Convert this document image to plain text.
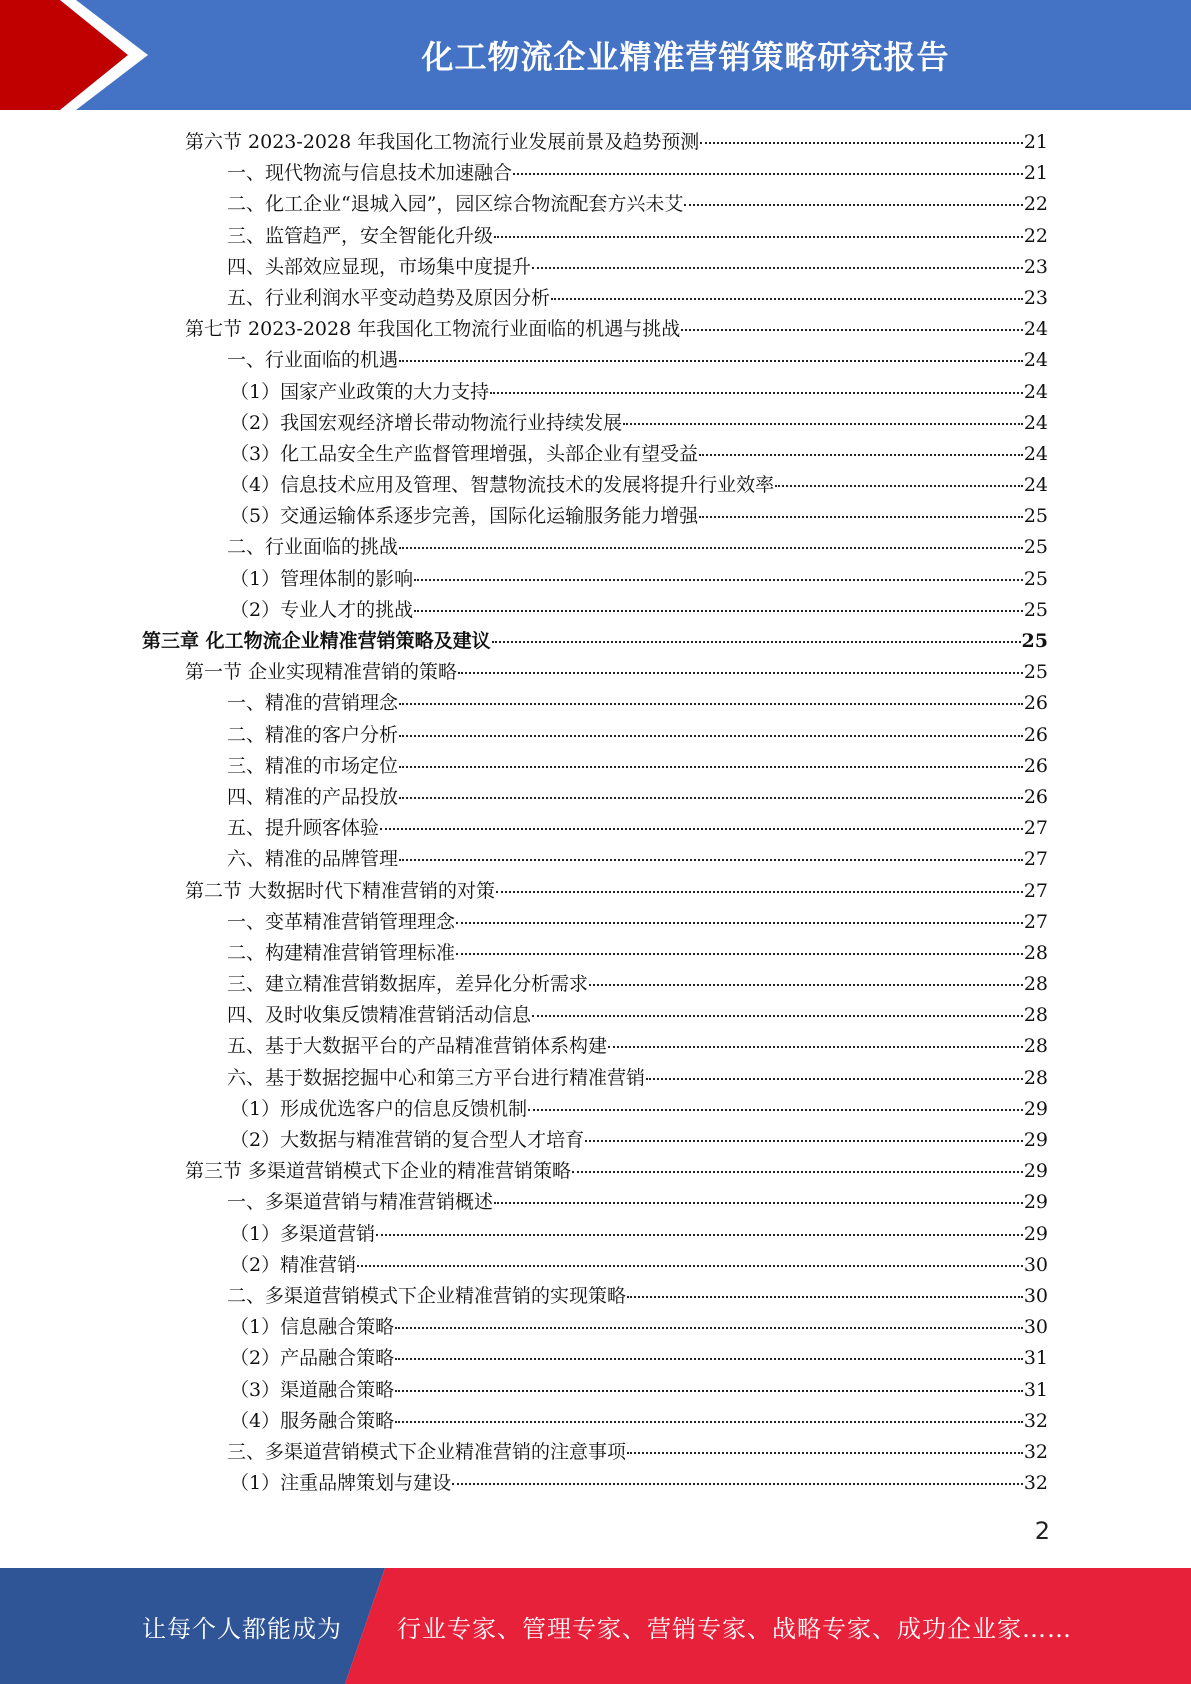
化工物流企业精准营销策略研究报告
第六节 2023-2028 年我国化工物流行业发展前景及趋势预测	21
一、现代物流与信息技术加速融合	21
二、化工企业“退城入园”，园区综合物流配套方兴未艾	22
三、监管趋严，安全智能化升级	22
四、头部效应显现，市场集中度提升	23
五、行业利润水平变动趋势及原因分析	23
第七节 2023-2028 年我国化工物流行业面临的机遇与挑战	24
一、行业面临的机遇	24
（1）国家产业政策的大力支持	24
（2）我国宏观经济增长带动物流行业持续发展	24
（3）化工品安全生产监督管理增强，头部企业有望受益	24
（4）信息技术应用及管理、智慧物流技术的发展将提升行业效率	24
（5）交通运输体系逐步完善，国际化运输服务能力增强	25
二、行业面临的挑战	25
（1）管理体制的影响	25
（2）专业人才的挑战	25
第三章 化工物流企业精准营销策略及建议	25
第一节 企业实现精准营销的策略	25
一、精准的营销理念	26
二、精准的客户分析	26
三、精准的市场定位	26
四、精准的产品投放	26
五、提升顾客体验	27
六、精准的品牌管理	27
第二节 大数据时代下精准营销的对策	27
一、变革精准营销管理理念	27
二、构建精准营销管理标准	28
三、建立精准营销数据库，差异化分析需求	28
四、及时收集反馈精准营销活动信息	28
五、基于大数据平台的产品精准营销体系构建	28
六、基于数据挖掘中心和第三方平台进行精准营销	28
（1）形成优选客户的信息反馈机制	29
（2）大数据与精准营销的复合型人才培育	29
第三节 多渠道营销模式下企业的精准营销策略	29
一、多渠道营销与精准营销概述	29
（1）多渠道营销	29
（2）精准营销	30
二、多渠道营销模式下企业精准营销的实现策略	30
（1）信息融合策略	30
（2）产品融合策略	31
（3）渠道融合策略	31
（4）服务融合策略	32
三、多渠道营销模式下企业精准营销的注意事项	32
（1）注重品牌策划与建设	32
2
让每个人都能成为 行业专家、管理专家、营销专家、战略专家、成功企业家……
